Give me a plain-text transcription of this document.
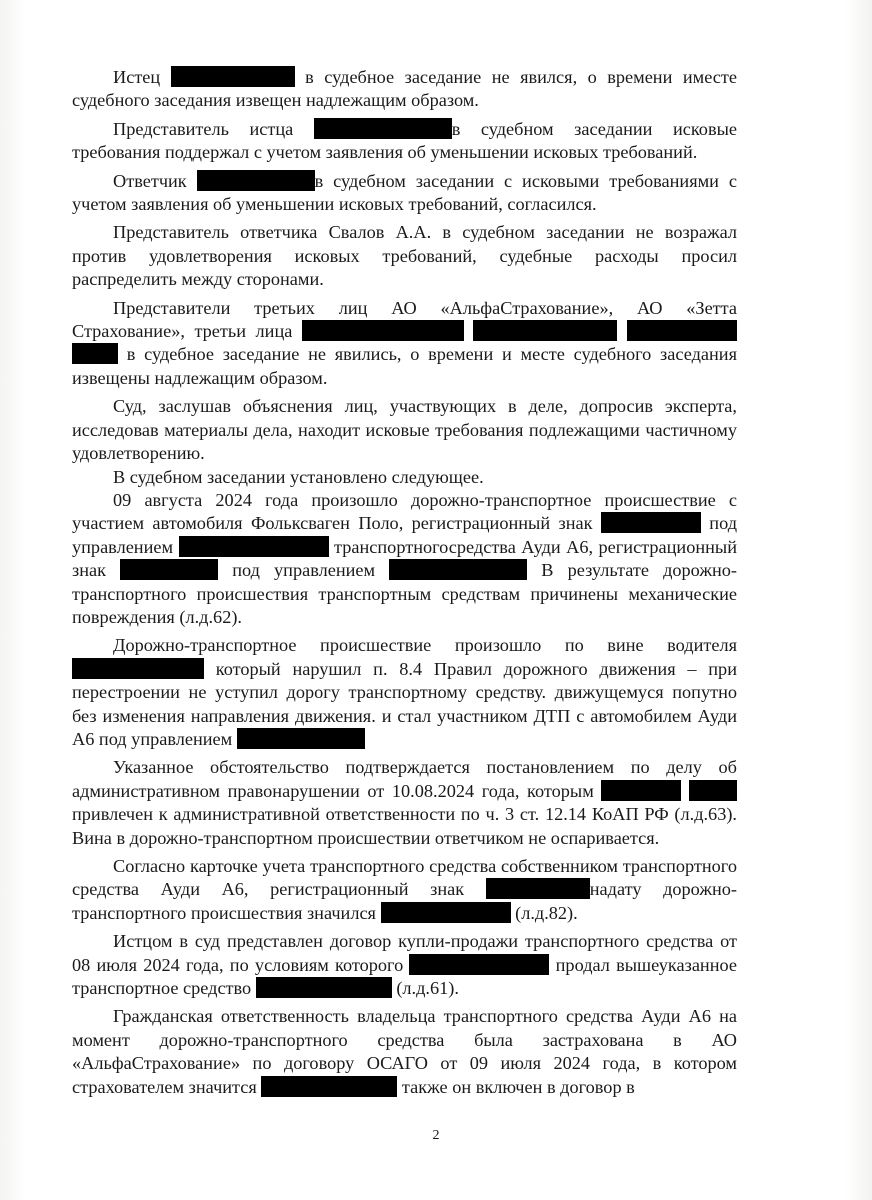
Истец	в судебное заседание не явился, о времени иместе судебного заседания извещен надлежащим образом.

Представитель истца	в судебном заседании исковые требования поддержал с учетом заявления об уменьшении исковых требований.

Ответчик	в судебном заседании с исковыми требованиями с учетом заявления об уменьшении исковых требований, согласился.

Представитель ответчика Свалов А.А. в судебном заседании не возражал против удовлетворения исковых требований, судебные расходы просил распределить между сторонами.

Представители третьих лиц АО «АльфаСтрахование», АО «Зетта Страхование», третьи лица     в судебное заседание не явились, о времени и месте судебного заседания извещены надлежащим образом.

Суд, заслушав объяснения лиц, участвующих в деле, допросив эксперта, исследовав материалы дела, находит исковые требования подлежащими частичному удовлетворению.

В судебном заседании установлено следующее.

09 августа 2024 года произошло дорожно-транспортное происшествие с участием автомобиля Фольксваген Поло, регистрационный знак	под управлением	транспортногосредства Ауди А6, регистрационный знак	под управлением	В результате дорожно-транспортного происшествия транспортным средствам причинены механические повреждения (л.д.62).

Дорожно-транспортное происшествие произошло по вине водителя  который нарушил п. 8.4 Правил дорожного движения – при перестроении не уступил дорогу транспортному средству. движущемуся попутно без изменения направления движения. и стал участником ДТП с автомобилем Ауди А6 под управлением

Указанное обстоятельство подтверждается постановлением по делу об административном правонарушении от 10.08.2024 года, которым  привлечен к административной ответственности по ч. 3 ст. 12.14 КоАП РФ (л.д.63). Вина в дорожно-транспортном происшествии ответчиком не оспаривается.

Согласно карточке учета транспортного средства собственником транспортного средства Ауди А6, регистрационный знак	надату дорожно-транспортного происшествия значился	(л.д.82).

Истцом в суд представлен договор купли-продажи транспортного средства от 08 июля 2024 года, по условиям которого	продал вышеуказанное транспортное средство	(л.д.61).

Гражданская ответственность владельца транспортного средства Ауди А6 на момент дорожно-транспортного средства была застрахована в АО «АльфаСтрахование» по договору ОСАГО от 09 июля 2024 года, в котором страхователем значится	также он включен в договор в

2
